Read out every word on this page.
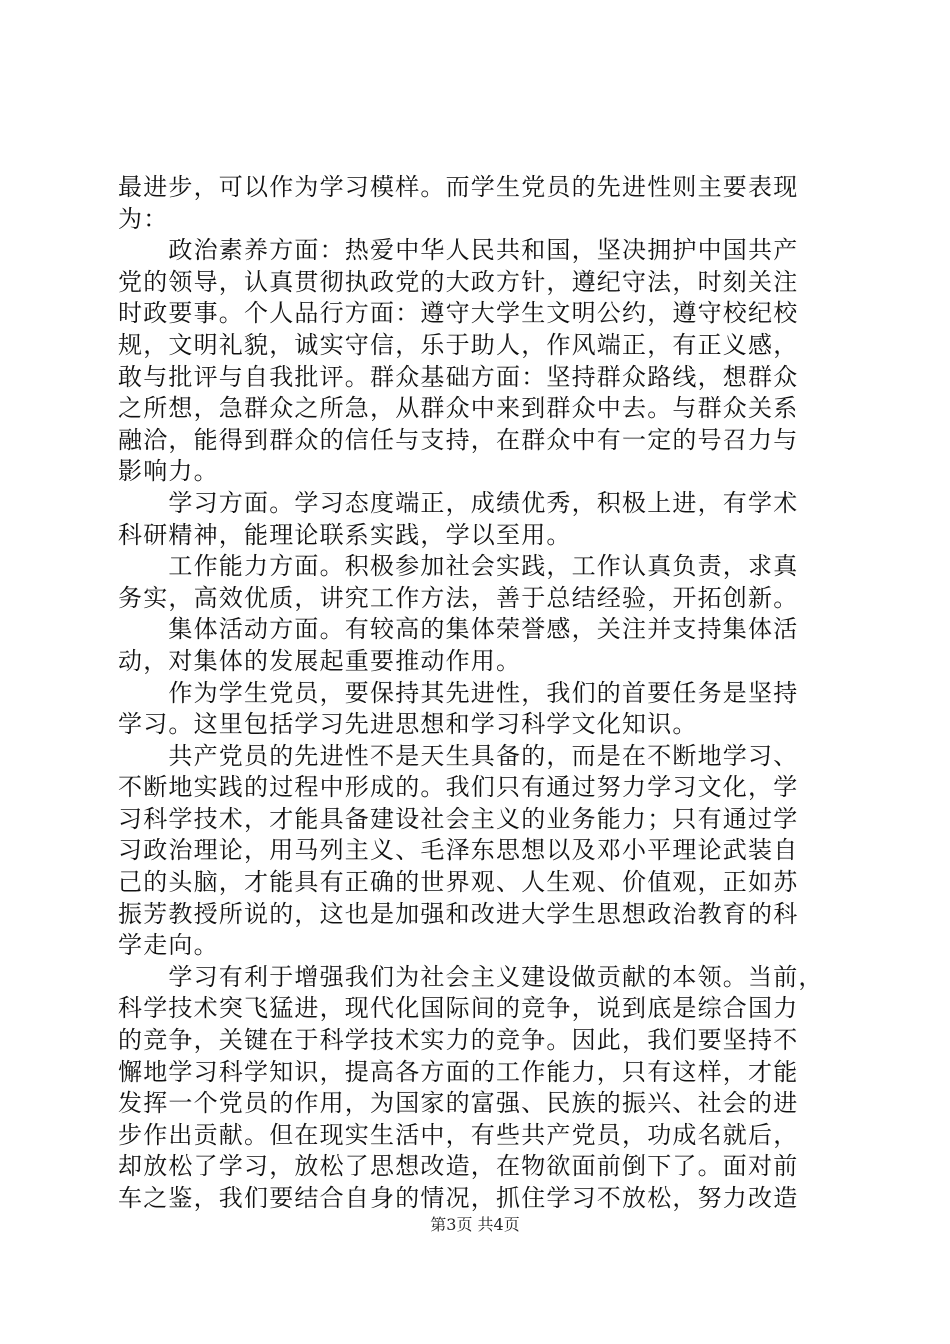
最进步，可以作为学习模样。而学生党员的先进性则主要表现
为：
　　政治素养方面：热爱中华人民共和国，坚决拥护中国共产
党的领导，认真贯彻执政党的大政方针，遵纪守法，时刻关注
时政要事。个人品行方面：遵守大学生文明公约，遵守校纪校
规，文明礼貌，诚实守信，乐于助人，作风端正，有正义感，
敢与批评与自我批评。群众基础方面：坚持群众路线，想群众
之所想，急群众之所急，从群众中来到群众中去。与群众关系
融洽，能得到群众的信任与支持，在群众中有一定的号召力与
影响力。
　　学习方面。学习态度端正，成绩优秀，积极上进，有学术
科研精神，能理论联系实践，学以至用。
　　工作能力方面。积极参加社会实践，工作认真负责，求真
务实，高效优质，讲究工作方法，善于总结经验，开拓创新。
　　集体活动方面。有较高的集体荣誉感，关注并支持集体活
动，对集体的发展起重要推动作用。
　　作为学生党员，要保持其先进性，我们的首要任务是坚持
学习。这里包括学习先进思想和学习科学文化知识。
　　共产党员的先进性不是天生具备的，而是在不断地学习、
不断地实践的过程中形成的。我们只有通过努力学习文化，学
习科学技术，才能具备建设社会主义的业务能力；只有通过学
习政治理论，用马列主义、毛泽东思想以及邓小平理论武装自
己的头脑，才能具有正确的世界观、人生观、价值观，正如苏
振芳教授所说的，这也是加强和改进大学生思想政治教育的科
学走向。
　　学习有利于增强我们为社会主义建设做贡献的本领。当前，
科学技术突飞猛进，现代化国际间的竞争，说到底是综合国力
的竞争，关键在于科学技术实力的竞争。因此，我们要坚持不
懈地学习科学知识，提高各方面的工作能力，只有这样，才能
发挥一个党员的作用，为国家的富强、民族的振兴、社会的进
步作出贡献。但在现实生活中，有些共产党员，功成名就后，
却放松了学习，放松了思想改造，在物欲面前倒下了。面对前
车之鉴，我们要结合自身的情况，抓住学习不放松，努力改造
第3页 共4页
